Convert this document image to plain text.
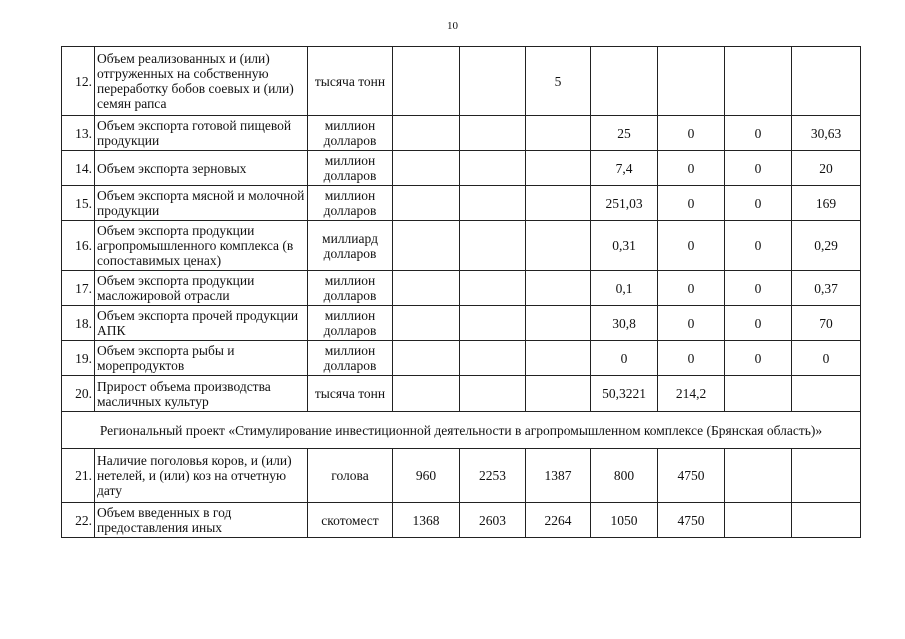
10
12.	Объем реализованных и (или) отгруженных на собственную переработку бобов соевых и (или) семян рапса	тысяча тонн			5				
13.	Объем экспорта готовой пищевой продукции	миллион долларов				25	0	0	30,63
14.	Объем экспорта зерновых	миллион долларов				7,4	0	0	20
15.	Объем экспорта мясной и молочной продукции	миллион долларов				251,03	0	0	169
16.	Объем экспорта продукции агропромышленного комплекса (в сопоставимых ценах)	миллиард долларов				0,31	0	0	0,29
17.	Объем экспорта продукции масложировой отрасли	миллион долларов				0,1	0	0	0,37
18.	Объем экспорта прочей продукции АПК	миллион долларов				30,8	0	0	70
19.	Объем экспорта рыбы и морепродуктов	миллион долларов				0	0	0	0
20.	Прирост объема производства масличных культур	тысяча тонн				50,3221	214,2		
Региональный проект «Стимулирование инвестиционной деятельности в агропромышленном комплексе (Брянская область)»									
21.	Наличие поголовья коров, и (или) нетелей, и (или) коз на отчетную дату	голова	960	2253	1387	800	4750		
22.	Объем введенных в год предоставления иных	скотомест	1368	2603	2264	1050	4750		
